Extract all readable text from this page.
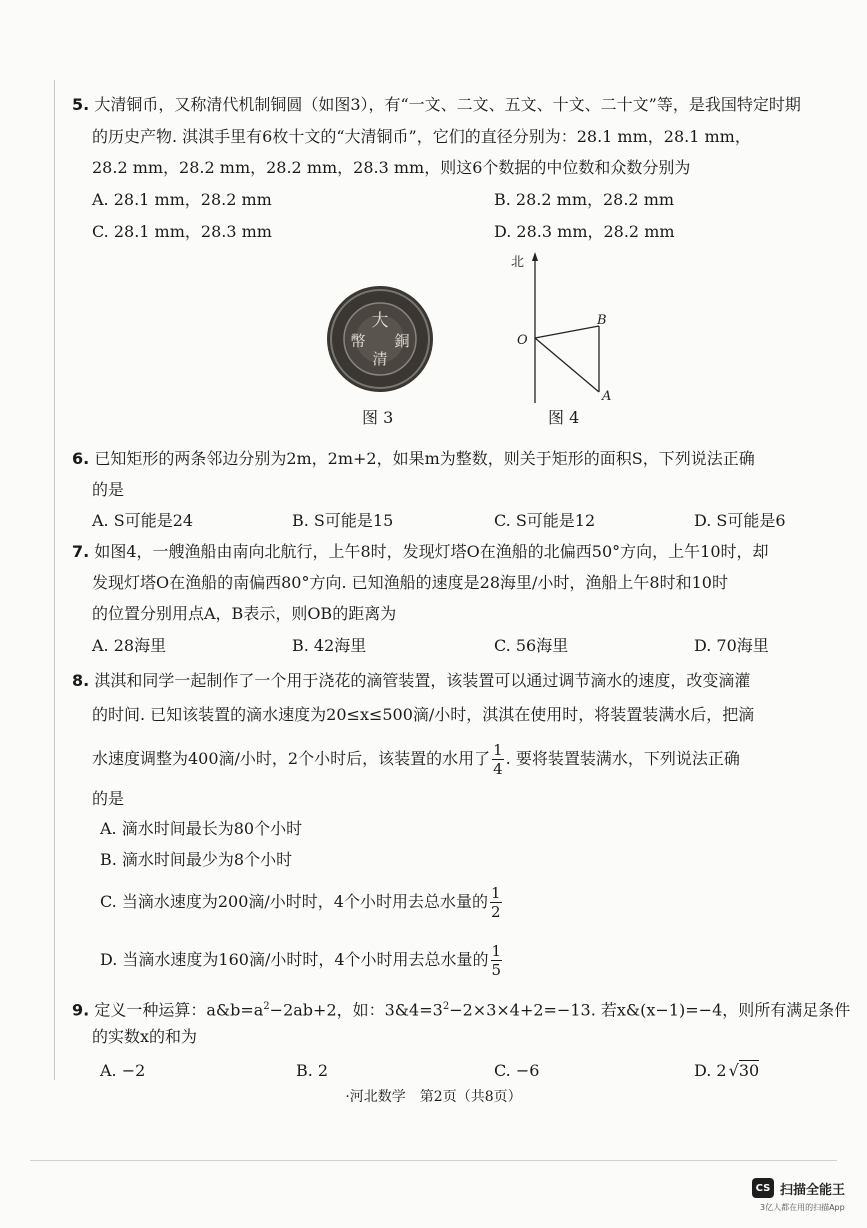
5. 大清铜币，又称清代机制铜圆（如图3），有“一文、二文、五文、十文、二十文”等，是我国特定时期
的历史产物. 淇淇手里有6枚十文的“大清铜币”，它们的直径分别为：28.1 mm，28.1 mm，
28.2 mm，28.2 mm，28.2 mm，28.3 mm，则这6个数据的中位数和众数分别为
A. 28.1 mm，28.2 mm	B. 28.2 mm，28.2 mm
C. 28.1 mm，28.3 mm	D. 28.3 mm，28.2 mm
大
幣 銅
清
图 3
北
O
B
A
图 4
6. 已知矩形的两条邻边分别为2m，2m+2，如果m为整数，则关于矩形的面积S，下列说法正确
的是
A. S可能是24	B. S可能是15	C. S可能是12	D. S可能是6
7. 如图4，一艘渔船由南向北航行，上午8时，发现灯塔O在渔船的北偏西50°方向，上午10时，却
发现灯塔O在渔船的南偏西80°方向. 已知渔船的速度是28海里/小时，渔船上午8时和10时
的位置分别用点A，B表示，则OB的距离为
A. 28海里	B. 42海里	C. 56海里	D. 70海里
8. 淇淇和同学一起制作了一个用于浇花的滴管装置，该装置可以通过调节滴水的速度，改变滴灌
的时间. 已知该装置的滴水速度为20≤x≤500滴/小时，淇淇在使用时，将装置装满水后，把滴
水速度调整为400滴/小时，2个小时后，该装置的水用了 $\frac{1}{4}$ . 要将装置装满水，下列说法正确
的是
A. 滴水时间最长为80个小时
B. 滴水时间最少为8个小时
C. 当滴水速度为200滴/小时时，4个小时用去总水量的 $\frac{1}{2}$
D. 当滴水速度为160滴/小时时，4个小时用去总水量的 $\frac{1}{5}$
9. 定义一种运算：$a\&b=a^2-2ab+2$，如：$3\&4=3^2-2\times 3\times 4+2=-13$. 若x&(x−1)=−4，则所有满足条件
的实数x的和为
A. −2	B. 2	C. −6	D. 2 √30
·河北数学　第2页（共8页）
CS 扫描全能王
3亿人都在用的扫描App
